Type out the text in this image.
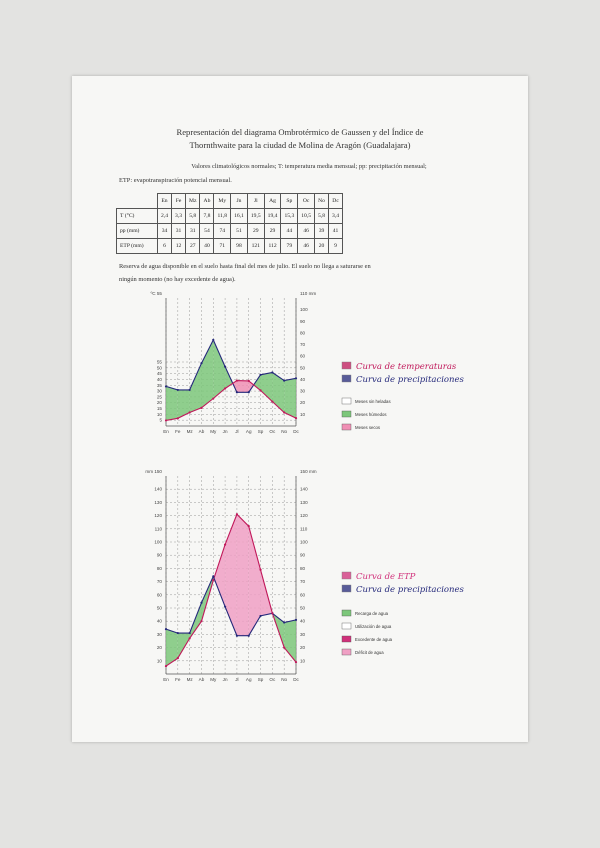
Representación del diagrama Ombrotérmico de Gaussen y del Índice de
Thornthwaite para la ciudad de Molina de Aragón (Guadalajara)
Valores climatológicos normales; T: temperatura media mensual; pp: precipitación mensual;
ETP: evapotranspiración potencial mensual.
	En	Fe	Mz	Ab	My	Jn	Jl	Ag	Sp	Oc	No	Dc
T (°C)	2,4	3,3	5,8	7,8	11,8	16,1	19,5	19,4	15,3	10,5	5,8	3,4
pp (mm)	34	31	31	54	74	51	29	29	44	46	39	41
ETP (mm)	6	12	27	40	71	98	121	112	79	46	20	9
Reserva de agua disponible en el suelo hasta final del mes de julio. El suelo no llega a saturarse en
ningún momento (no hay excedente de agua).
5
10
15
20
25
30
35
40
45
50
55
10
20
30
40
50
60
70
80
90
100
ºC 55	110 mm
En Fe Mz Ab My Jn Jl Ag Sp Oc No Dc
Curva de temperaturas
Curva de precipitaciones
Meses sin heladas
Meses húmedos
Meses secos
10
20
30
40
50
60
70
80
90
100
110
120
130
140
10
20
30
40
50
60
70
80
90
100
110
120
130
140
mm 150	150 mm
En Fe Mz Ab My Jn Jl Ag Sp Oc No Dc
Curva de ETP
Curva de precipitaciones
Recarga de agua
Utilización de agua
Excedente de agua
Déficit de agua
